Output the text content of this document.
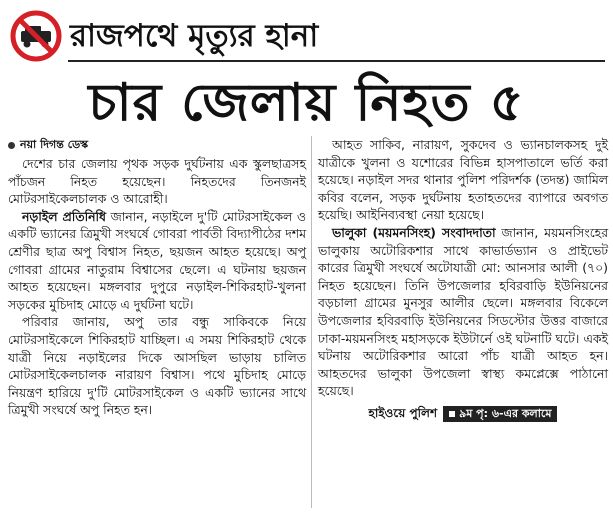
রাজপথে মৃত্যুর হানা
চার জেলায় নিহত ৫
নয়া দিগন্ত ডেস্ক

দেশের চার জেলায় পৃথক সড়ক দুর্ঘটনায় এক স্কুলছাত্রসহ পাঁচজন নিহত হয়েছেন। নিহতদের তিনজনই মোটরসাইকেলচালক ও আরোহী।

নড়াইল প্রতিনিধি জানান, নড়াইলে দু'টি মোটরসাইকেল ও একটি ভ্যানের ত্রিমুখী সংঘর্ষে গোবরা পার্বতী বিদ্যাপীঠের দশম শ্রেণীর ছাত্র অপু বিশ্বাস নিহত, ছয়জন আহত হয়েছে। অপু গোবরা গ্রামের নাতুরাম বিশ্বাসের ছেলে। এ ঘটনায় ছয়জন আহত হয়েছেন। মঙ্গলবার দুপুরে নড়াইল-শিকিরহাট-খুলনা সড়কের মুচিদাহ মোড়ে এ দুর্ঘটনা ঘটে।

পরিবার জানায়, অপু তার বন্ধু সাকিবকে নিয়ে মোটরসাইকেলে শিকিরহাট যাচ্ছিল। এ সময় শিকিরহাট থেকে যাত্রী নিয়ে নড়াইলের দিকে আসছিল ভাড়ায় চালিত মোটরসাইকেলচালক নারায়ণ বিশ্বাস। পথে মুচিদাহ মোড়ে নিয়ন্ত্রণ হারিয়ে দু'টি মোটরসাইকেল ও একটি ভ্যানের সাথে ত্রিমুখী সংঘর্ষে অপু নিহত হন।

আহত সাকিব, নারায়ণ, সুকদেব ও ভ্যানচালকসহ দুই যাত্রীকে খুলনা ও যশোরের বিভিন্ন হাসপাতালে ভর্তি করা হয়েছে। নড়াইল সদর থানার পুলিশ পরিদর্শক (তদন্ত) জামিল কবির বলেন, সড়ক দুর্ঘটনায় হতাহতদের ব্যাপারে অবগত হয়েছি। আইনিব্যবস্থা নেয়া হয়েছে।

ভালুকা (ময়মনসিংহ) সংবাদদাতা জানান, ময়মনসিংহের ভালুকায় অটোরিকশার সাথে কাভার্ডভ্যান ও প্রাইভেট কারের ত্রিমুখী সংঘর্ষে অটোযাত্রী মো: আনসার আলী (৭০) নিহত হয়েছেন। তিনি উপজেলার হবিরবাড়ি ইউনিয়নের বড়চালা গ্রামের মুনসুর আলীর ছেলে। মঙ্গলবার বিকেলে উপজেলার হবিরবাড়ি ইউনিয়নের সিডস্টোর উত্তর বাজারে ঢাকা-ময়মনসিংহ মহাসড়কে ইউটার্নে ওই ঘটনাটি ঘটে। একই ঘটনায় অটোরিকশার আরো পাঁচ যাত্রী আহত হন। আহতদের ভালুকা উপজেলা স্বাস্থ্য কমপ্লেক্সে পাঠানো হয়েছে।

হাইওয়ে পুলিশ ৯ম পৃ: ৬-এর কলামে
